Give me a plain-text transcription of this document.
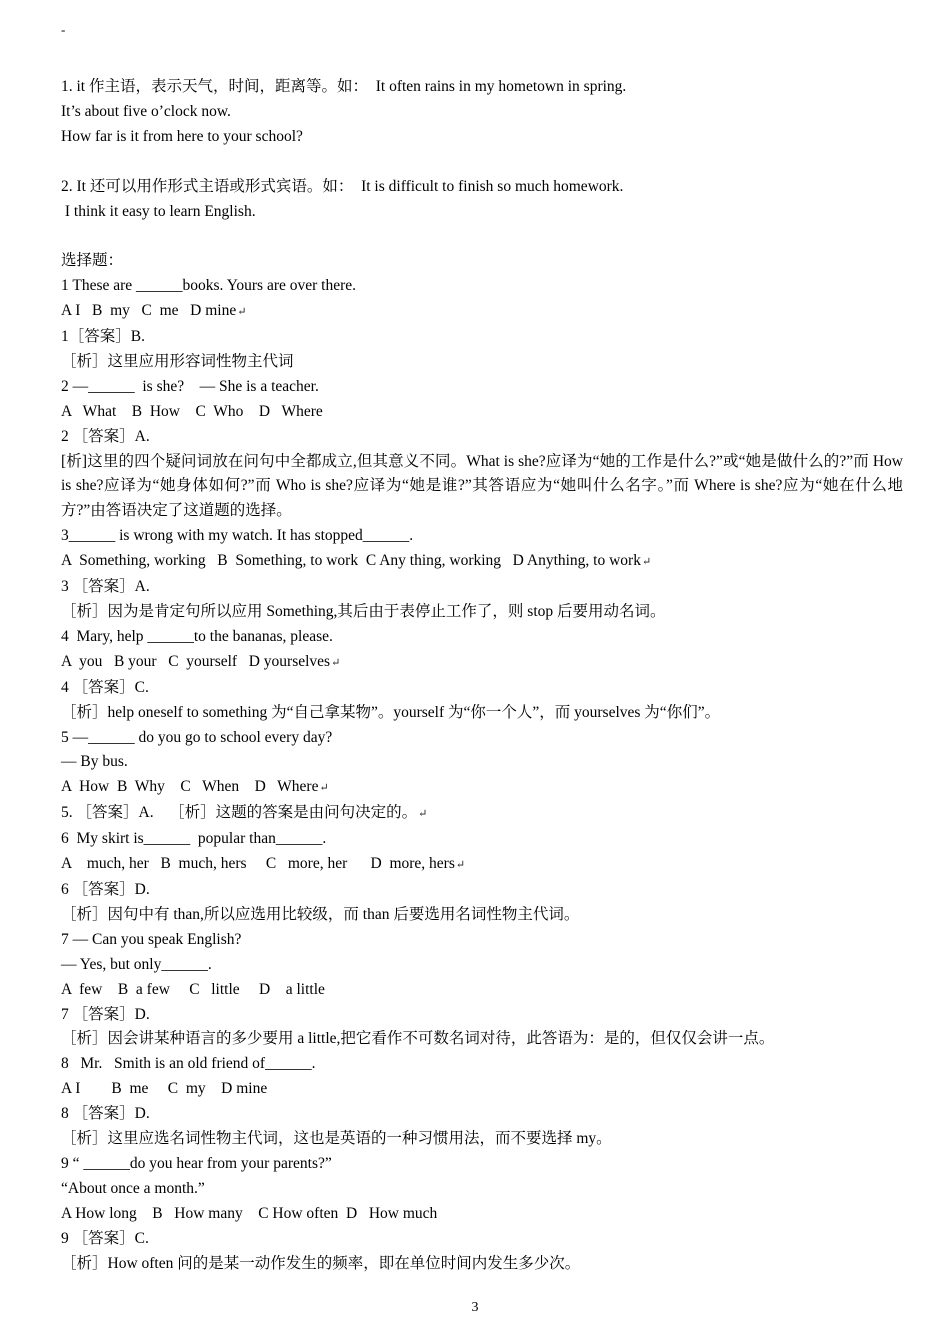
-
1. it 作主语，表示天气，时间，距离等。如：  It often rains in my hometown in spring.
It’s about five o’clock now.
How far is it from here to your school?
2. It 还可以用作形式主语或形式宾语。如：  It is difficult to finish so much homework.
I think it easy to learn English.
选择题：
1 These are ______books. Yours are over there.
A I   B  my   C  me   D mine↵
1［答案］B.
［析］这里应用形容词性物主代词
2 —______  is she?    — She is a teacher.
A   What    B  How    C  Who    D   Where
2 ［答案］A.
[析]这里的四个疑问词放在问句中全都成立,但其意义不同。What is she?应译为“她的工作是什么?”或“她是做什么的?”而 How is she?应译为“她身体如何?”而 Who is she?应译为“她是谁?”其答语应为“她叫什么名字。”而 Where is she?应为“她在什么地方?”由答语决定了这道题的选择。
3______ is wrong with my watch. It has stopped______.
A  Something, working   B  Something, to work  C Any thing, working   D Anything, to work↵
3 ［答案］A.
［析］因为是肯定句所以应用 Something,其后由于表停止工作了，则 stop 后要用动名词。
4  Mary, help ______to the bananas, please.
A  you   B your   C  yourself   D yourselves↵
4 ［答案］C.
［析］help oneself to something 为“自己拿某物”。yourself 为“你一个人”，而 yourselves 为“你们”。
5 —______ do you go to school every day?
— By bus.
A  How  B  Why    C   When    D   Where↵
5. ［答案］A.    ［析］这题的答案是由问句决定的。↵
6  My skirt is______  popular than______.
A    much, her   B  much, hers     C   more, her      D  more, hers↵
6 ［答案］D.
［析］因句中有 than,所以应选用比较级，而 than 后要选用名词性物主代词。
7 — Can you speak English?
— Yes, but only______.
A  few    B  a few     C   little     D    a little
7 ［答案］D.
［析］因会讲某种语言的多少要用 a little,把它看作不可数名词对待，此答语为：是的，但仅仅会讲一点。
8   Mr.   Smith is an old friend of______.
A I        B  me     C  my    D mine
8 ［答案］D.
［析］这里应选名词性物主代词，这也是英语的一种习惯用法，而不要选择 my。
9 “ ______do you hear from your parents?”
“About once a month.”
A How long    B   How many    C How often  D   How much
9 ［答案］C.
［析］How often 问的是某一动作发生的频率，即在单位时间内发生多少次。
3
